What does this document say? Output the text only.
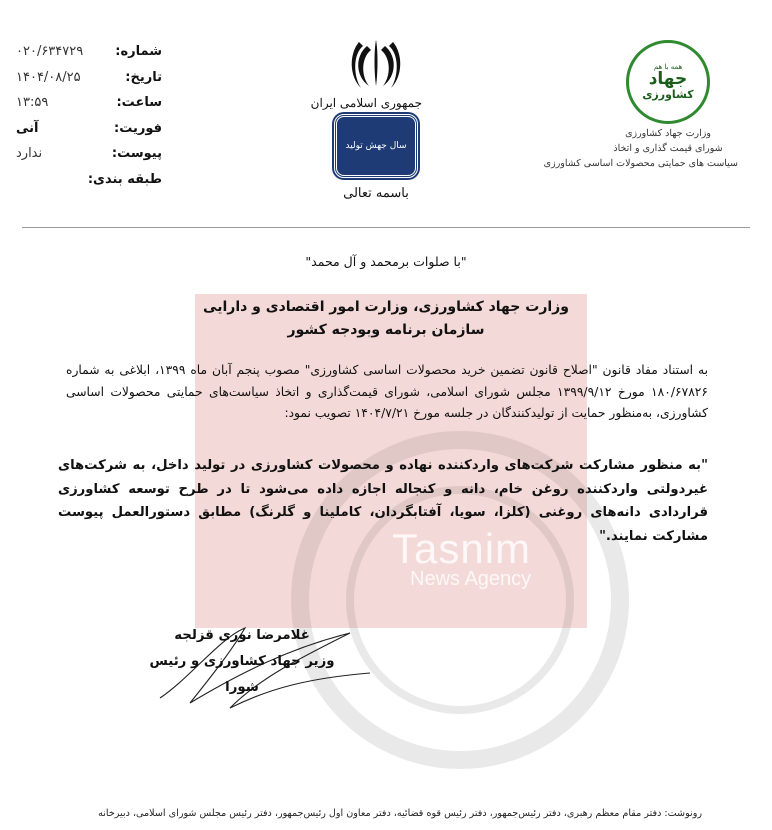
Tasnim
News Agency
شماره:
۰۲۰/۶۳۴۷۲۹
تاریخ:
۱۴۰۴/۰۸/۲۵
ساعت:
۱۳:۵۹
فوریت:
آنی
پیوست:
ندارد
طبقه بندی:
جمهوری اسلامی ایران
سال جهش تولید
باسمه تعالی
همه با هم
جهاد
کشاورزی
وزارت جهاد کشاورزی
شورای قیمت گذاری و اتخاذ
سیاست های حمایتی محصولات اساسی کشاورزی
"با صلوات برمحمد و آل محمد"
وزارت جهاد کشاورزی، وزارت امور اقتصادی و دارایی
سازمان برنامه وبودجه کشور
به استناد مفاد قانون "اصلاح قانون تضمین خرید محصولات اساسی کشاورزی" مصوب پنجم آبان ماه ۱۳۹۹، ابلاغی به شماره ۱۸۰/۶۷۸۲۶ مورخ ۱۳۹۹/۹/۱۲ مجلس شورای اسلامی، شورای قیمت‌گذاری و اتخاذ سیاست‌های حمایتی محصولات اساسی کشاورزی، به‌منظور حمایت از تولیدکنندگان در جلسه مورخ ۱۴۰۴/۷/۲۱ تصویب نمود:
"به منظور مشارکت شرکت‌های واردکننده نهاده و محصولات کشاورزی در تولید داخل، به شرکت‌های غیردولتی واردکننده روغن خام، دانه و کنجاله اجازه داده می‌شود تا در طرح توسعه کشاورزی قراردادی دانه‌های روغنی (کلزا، سویا، آفتابگردان، کاملینا و گلرنگ) مطابق دستورالعمل پیوست مشارکت نمایند."
غلامرضا نوری قزلجه
وزیر جهاد کشاورزی و رئیس شورا
رونوشت: دفتر مقام معظم رهبری، دفتر رئیس‌جمهور، دفتر رئیس قوه قضائیه، دفتر معاون اول رئیس‌جمهور، دفتر رئیس مجلس شورای اسلامی، دبیرخانه
